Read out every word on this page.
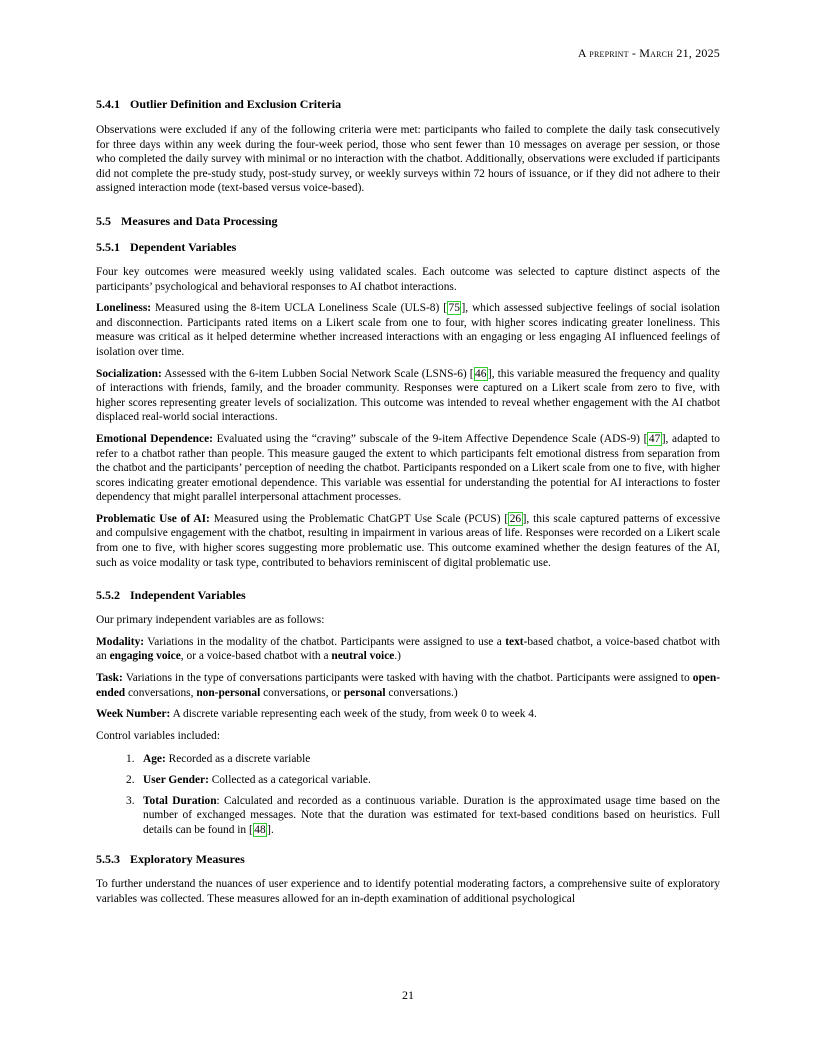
A preprint - March 21, 2025
5.4.1 Outlier Definition and Exclusion Criteria

Observations were excluded if any of the following criteria were met: participants who failed to complete the daily task consecutively for three days within any week during the four-week period, those who sent fewer than 10 messages on average per session, or those who completed the daily survey with minimal or no interaction with the chatbot. Additionally, observations were excluded if participants did not complete the pre-study study, post-study survey, or weekly surveys within 72 hours of issuance, or if they did not adhere to their assigned interaction mode (text-based versus voice-based).

5.5 Measures and Data Processing
5.5.1 Dependent Variables

Four key outcomes were measured weekly using validated scales. Each outcome was selected to capture distinct aspects of the participants’ psychological and behavioral responses to AI chatbot interactions.

Loneliness: Measured using the 8-item UCLA Loneliness Scale (ULS-8) [ 75 ], which assessed subjective feelings of social isolation and disconnection. Participants rated items on a Likert scale from one to four, with higher scores indicating greater loneliness. This measure was critical as it helped determine whether increased interactions with an engaging or less engaging AI influenced feelings of isolation over time.

Socialization: Assessed with the 6-item Lubben Social Network Scale (LSNS-6) [ 46 ], this variable measured the frequency and quality of interactions with friends, family, and the broader community. Responses were captured on a Likert scale from zero to five, with higher scores representing greater levels of socialization. This outcome was intended to reveal whether engagement with the AI chatbot displaced real-world social interactions.

Emotional Dependence: Evaluated using the “craving” subscale of the 9-item Affective Dependence Scale (ADS-9) [ 47 ], adapted to refer to a chatbot rather than people. This measure gauged the extent to which participants felt emotional distress from separation from the chatbot and the participants’ perception of needing the chatbot. Participants responded on a Likert scale from one to five, with higher scores indicating greater emotional dependence. This variable was essential for understanding the potential for AI interactions to foster dependency that might parallel interpersonal attachment processes.

Problematic Use of AI: Measured using the Problematic ChatGPT Use Scale (PCUS) [ 26 ], this scale captured patterns of excessive and compulsive engagement with the chatbot, resulting in impairment in various areas of life. Responses were recorded on a Likert scale from one to five, with higher scores suggesting more problematic use. This outcome examined whether the design features of the AI, such as voice modality or task type, contributed to behaviors reminiscent of digital problematic use.

5.5.2 Independent Variables

Our primary independent variables are as follows:

Modality: Variations in the modality of the chatbot. Participants were assigned to use a text-based chatbot, a voice-based chatbot with an engaging voice, or a voice-based chatbot with a neutral voice.)

Task: Variations in the type of conversations participants were tasked with having with the chatbot. Participants were assigned to open-ended conversations, non-personal conversations, or personal conversations.)

Week Number: A discrete variable representing each week of the study, from week 0 to week 4.

Control variables included:

1. Age: Recorded as a discrete variable
2. User Gender: Collected as a categorical variable.
3. Total Duration: Calculated and recorded as a continuous variable. Duration is the approximated usage time based on the number of exchanged messages. Note that the duration was estimated for text-based conditions based on heuristics. Full details can be found in [ 48 ].
5.5.3 Exploratory Measures

To further understand the nuances of user experience and to identify potential moderating factors, a comprehensive suite of exploratory variables was collected. These measures allowed for an in-depth examination of additional psychological

21
